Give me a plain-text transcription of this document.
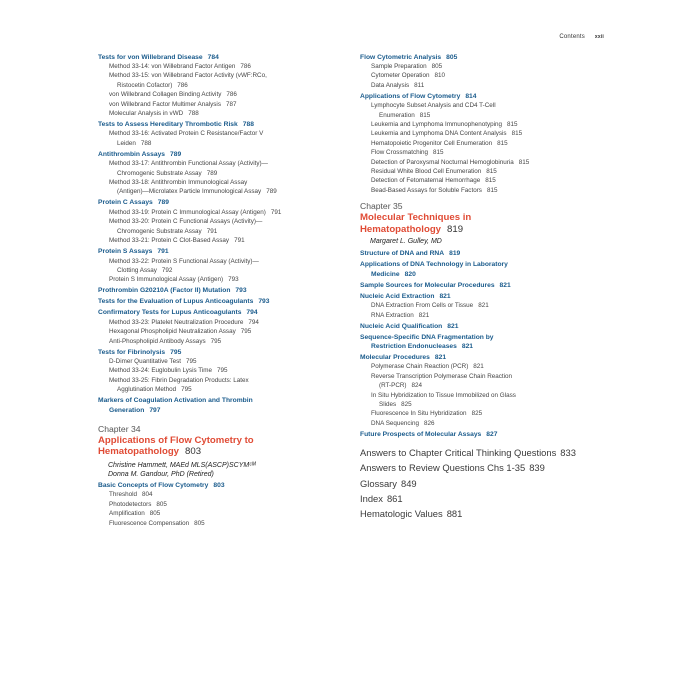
Contents xxii
Tests for von Willebrand Disease 784
Method 33-14: von Willebrand Factor Antigen 786
Method 33-15: von Willebrand Factor Activity (vWF:RCo,
Ristocetin Cofactor) 786
von Willebrand Collagen Binding Activity 786
von Willebrand Factor Multimer Analysis 787
Molecular Analysis in vWD 788
Tests to Assess Hereditary Thrombotic Risk 788
Method 33-16: Activated Protein C Resistance/Factor V
Leiden 788
Antithrombin Assays 789
Method 33-17: Antithrombin Functional Assay (Activity)—
Chromogenic Substrate Assay 789
Method 33-18: Antithrombin Immunological Assay
(Antigen)—Microlatex Particle Immunological Assay 789
Protein C Assays 789
Method 33-19: Protein C Immunological Assay (Antigen) 791
Method 33-20: Protein C Functional Assays (Activity)—
Chromogenic Substrate Assay 791
Method 33-21: Protein C Clot-Based Assay 791
Protein S Assays 791
Method 33-22: Protein S Functional Assay (Activity)—
Clotting Assay 792
Protein S Immunological Assay (Antigen) 793
Prothrombin G20210A (Factor II) Mutation 793
Tests for the Evaluation of Lupus Anticoagulants 793
Confirmatory Tests for Lupus Anticoagulants 794
Method 33-23: Platelet Neutralization Procedure 794
Hexagonal Phospholipid Neutralization Assay 795
Anti-Phospholipid Antibody Assays 795
Tests for Fibrinolysis 795
D-Dimer Quantitative Test 795
Method 33-24: Euglobulin Lysis Time 795
Method 33-25: Fibrin Degradation Products: Latex
Agglutination Method 795
Markers of Coagulation Activation and Thrombin
Generation 797
Chapter 34
Applications of Flow Cytometry to
Hematopathology 803
Christine Hammett, MAEd MLS(ASCP)SCYMᶜᴹ
Donna M. Gandour, PhD (Retired)
Basic Concepts of Flow Cytometry 803
Threshold 804
Photodetectors 805
Amplification 805
Fluorescence Compensation 805
Flow Cytometric Analysis 805
Sample Preparation 805
Cytometer Operation 810
Data Analysis 811
Applications of Flow Cytometry 814
Lymphocyte Subset Analysis and CD4 T-Cell
Enumeration 815
Leukemia and Lymphoma Immunophenotyping 815
Leukemia and Lymphoma DNA Content Analysis 815
Hematopoietic Progenitor Cell Enumeration 815
Flow Crossmatching 815
Detection of Paroxysmal Nocturnal Hemoglobinuria 815
Residual White Blood Cell Enumeration 815
Detection of Fetomaternal Hemorrhage 815
Bead-Based Assays for Soluble Factors 815
Chapter 35
Molecular Techniques in
Hematopathology 819
Margaret L. Gulley, MD
Structure of DNA and RNA 819
Applications of DNA Technology in Laboratory
Medicine 820
Sample Sources for Molecular Procedures 821
Nucleic Acid Extraction 821
DNA Extraction From Cells or Tissue 821
RNA Extraction 821
Nucleic Acid Qualification 821
Sequence-Specific DNA Fragmentation by
Restriction Endonucleases 821
Molecular Procedures 821
Polymerase Chain Reaction (PCR) 821
Reverse Transcription Polymerase Chain Reaction
(RT-PCR) 824
In Situ Hybridization to Tissue Immobilized on Glass
Slides 825
Fluorescence In Situ Hybridization 825
DNA Sequencing 826
Future Prospects of Molecular Assays 827
Answers to Chapter Critical Thinking Questions 833
Answers to Review Questions Chs 1-35 839
Glossary 849
Index 861
Hematologic Values 881
